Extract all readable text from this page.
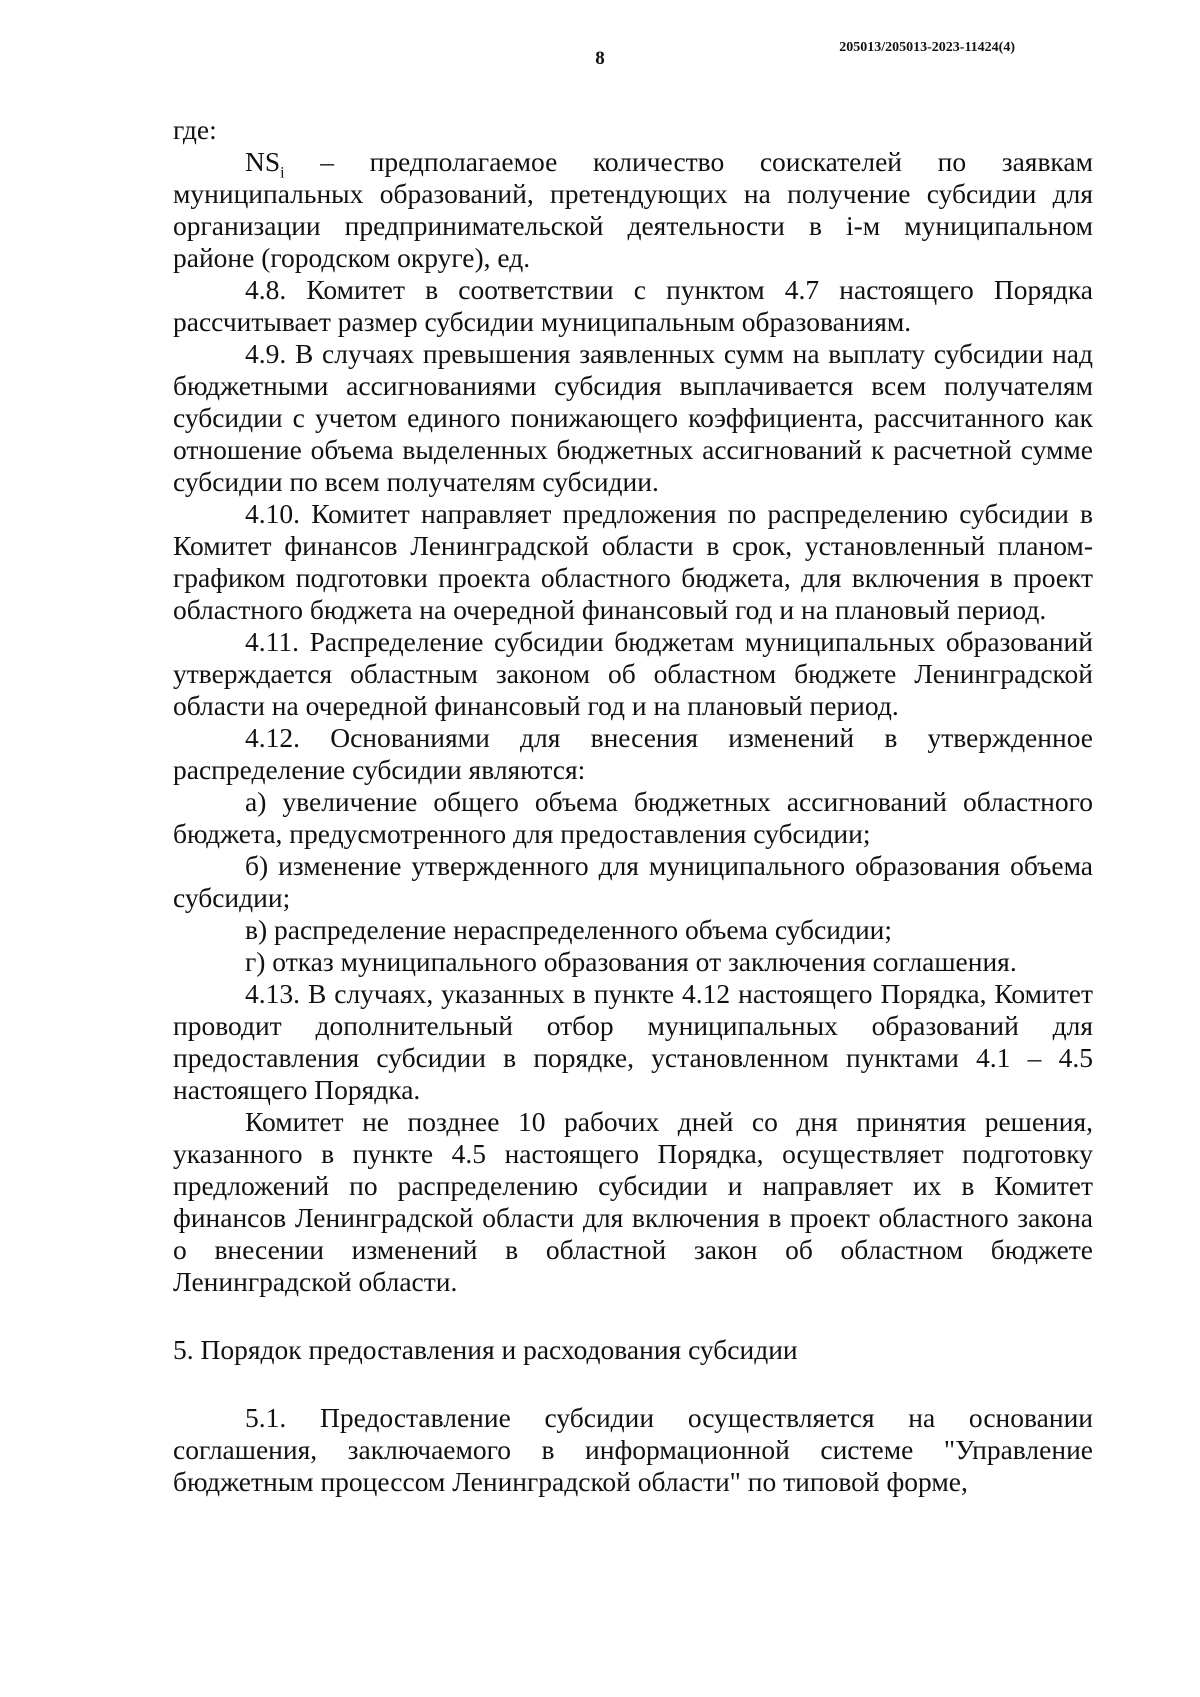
8
205013/205013-2023-11424(4)

где:

$NS_i$ – предполагаемое количество соискателей по заявкам муниципальных образований, претендующих на получение субсидии для организации предпринимательской деятельности в i-м муниципальном районе (городском округе), ед.

4.8. Комитет в соответствии с пунктом 4.7 настоящего Порядка рассчитывает размер субсидии муниципальным образованиям.

4.9. В случаях превышения заявленных сумм на выплату субсидии над бюджетными ассигнованиями субсидия выплачивается всем получателям субсидии с учетом единого понижающего коэффициента, рассчитанного как отношение объема выделенных бюджетных ассигнований к расчетной сумме субсидии по всем получателям субсидии.

4.10. Комитет направляет предложения по распределению субсидии в Комитет финансов Ленинградской области в срок, установленный планом-графиком подготовки проекта областного бюджета, для включения в проект областного бюджета на очередной финансовый год и на плановый период.

4.11. Распределение субсидии бюджетам муниципальных образований утверждается областным законом об областном бюджете Ленинградской области на очередной финансовый год и на плановый период.

4.12. Основаниями для внесения изменений в утвержденное распределение субсидии являются:

а) увеличение общего объема бюджетных ассигнований областного бюджета, предусмотренного для предоставления субсидии;

б) изменение утвержденного для муниципального образования объема субсидии;

в) распределение нераспределенного объема субсидии;

г) отказ муниципального образования от заключения соглашения.

4.13. В случаях, указанных в пункте 4.12 настоящего Порядка, Комитет проводит дополнительный отбор муниципальных образований для предоставления субсидии в порядке, установленном пунктами 4.1 – 4.5 настоящего Порядка.

Комитет не позднее 10 рабочих дней со дня принятия решения, указанного в пункте 4.5 настоящего Порядка, осуществляет подготовку предложений по распределению субсидии и направляет их в Комитет финансов Ленинградской области для включения в проект областного закона о внесении изменений в областной закон об областном бюджете Ленинградской области.

5. Порядок предоставления и расходования субсидии

5.1. Предоставление субсидии осуществляется на основании соглашения, заключаемого в информационной системе "Управление бюджетным процессом Ленинградской области" по типовой форме,
